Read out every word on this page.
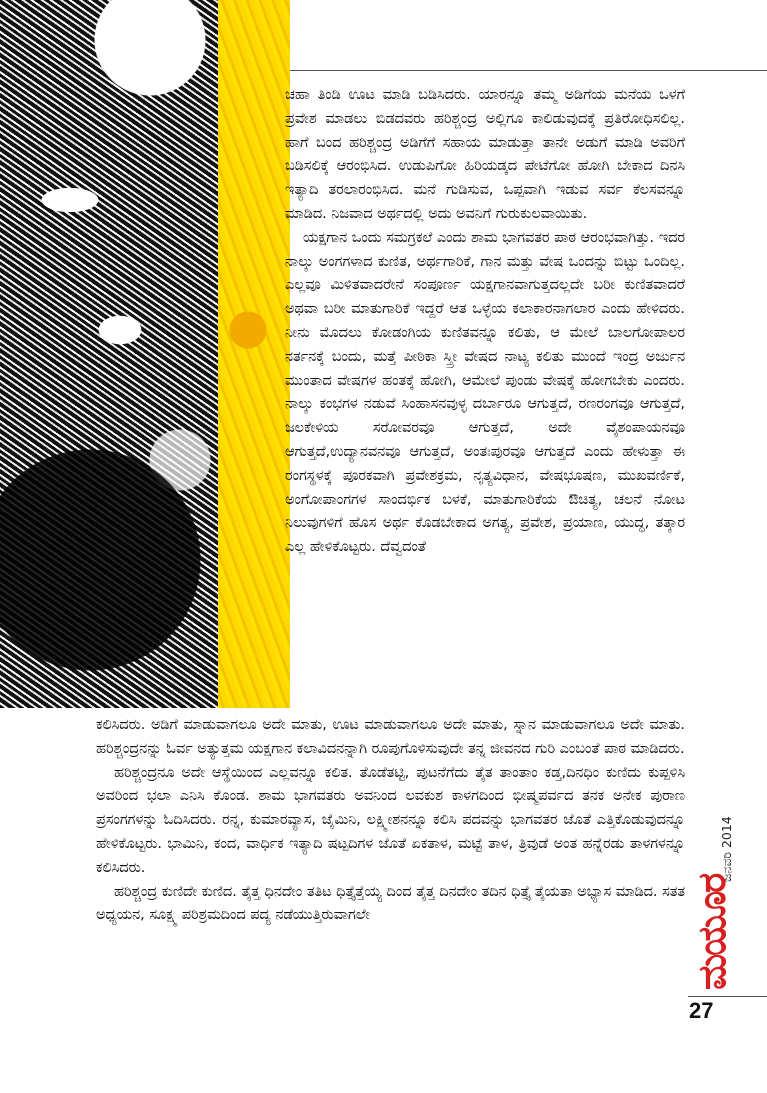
ಚಹಾ ತಿಂಡಿ ಊಟ ಮಾಡಿ ಬಡಿಸಿದರು. ಯಾರನ್ನೂ ತಮ್ಮ ಅಡಿಗೆಯ ಮನೆಯ ಒಳಗೆ ಪ್ರವೇಶ ಮಾಡಲು ಬಿಡದವರು ಹರಿಶ್ಚಂದ್ರ ಅಲ್ಲಿಗೂ ಕಾಲಿಡುವುದಕ್ಕೆ ಪ್ರತಿರೋಧಿಸಲಿಲ್ಲ. ಹಾಗೆ ಬಂದ ಹರಿಶ್ಚಂದ್ರ ಅಡಿಗೆಗೆ ಸಹಾಯ ಮಾಡುತ್ತಾ ತಾನೇ ಅಡುಗೆ ಮಾಡಿ ಅವರಿಗೆ ಬಡಿಸಲಿಕ್ಕೆ ಆರಂಭಿಸಿದ. ಉಡುಪಿಗೋ ಹಿರಿಯಡ್ಕದ ಪೇಟೆಗೋ ಹೋಗಿ ಬೇಕಾದ ದಿನಸಿ ಇತ್ಯಾದಿ ತರಲಾರಂಭಿಸಿದ. ಮನೆ ಗುಡಿಸುವ, ಒಪ್ಪವಾಗಿ ಇಡುವ ಸರ್ವ ಕೆಲಸವನ್ನೂ ಮಾಡಿದ. ನಿಜವಾದ ಅರ್ಥದಲ್ಲಿ ಅದು ಅವನಿಗೆ ಗುರುಕುಲವಾಯಿತು.

ಯಕ್ಷಗಾನ ಒಂದು ಸಮಗ್ರಕಲೆ ಎಂದು ಶಾಮ ಭಾಗವತರ ಪಾಠ ಆರಂಭವಾಗಿತ್ತು. ಇದರ ನಾಲ್ಕು ಅಂಗಗಳಾದ ಕುಣಿತ, ಅರ್ಥಗಾರಿಕೆ, ಗಾನ ಮತ್ತು ವೇಷ ಒಂದನ್ನು ಬಿಟ್ಟು ಒಂದಿಲ್ಲ. ಎಲ್ಲವೂ ಮಿಳಿತವಾದರೇನೆ ಸಂಪೂರ್ಣ ಯಕ್ಷಗಾನವಾಗುತ್ತದಲ್ಲದೇ ಬರೀ ಕುಣಿತವಾದರೆ ಅಥವಾ ಬರೀ ಮಾತುಗಾರಿಕೆ ಇದ್ದರೆ ಆತ ಒಳ್ಳೆಯ ಕಲಾಕಾರನಾಗಲಾರ ಎಂದು ಹೇಳಿದರು. ನೀನು ಮೊದಲು ಕೋಡಂಗಿಯ ಕುಣಿತವನ್ನೂ ಕಲಿತು, ಆ ಮೇಲೆ ಬಾಲಗೋಪಾಲರ ನರ್ತನಕ್ಕೆ ಬಂದು, ಮತ್ತೆ ಪೀಠಿಕಾ ಸ್ತ್ರೀ ವೇಷದ ನಾಟ್ಯ ಕಲಿತು ಮುಂದೆ ಇಂದ್ರ ಅರ್ಜುನ ಮುಂತಾದ ವೇಷಗಳ ಹಂತಕ್ಕೆ ಹೋಗಿ, ಆಮೇಲೆ ಪುಂಡು ವೇಷಕ್ಕೆ ಹೋಗಬೇಕು ಎಂದರು. ನಾಲ್ಕು ಕಂಭಗಳ ನಡುವೆ ಸಿಂಹಾಸನವುಳ್ಳ ದರ್ಬಾರೂ ಆಗುತ್ತದೆ, ರಣರಂಗವೂ ಆಗುತ್ತದೆ, ಜಲಕೇಳಿಯ ಸರೋವರವೂ ಆಗುತ್ತದೆ, ಅದೇ ವೈಶಂಪಾಯನವೂ ಆಗುತ್ತದೆ,ಉದ್ಯಾನವನವೂ ಆಗುತ್ತದೆ, ಅಂತಃಪುರವೂ ಆಗುತ್ತದೆ ಎಂದು ಹೇಳುತ್ತಾ ಈ ರಂಗಸ್ಥಳಕ್ಕೆ ಪೂರಕವಾಗಿ ಪ್ರವೇಶಕ್ರಮ, ನೃತ್ಯವಿಧಾನ, ವೇಷಭೂಷಣ, ಮುಖವರ್ಣಿಕೆ, ಅಂಗೋಪಾಂಗಗಳ ಸಾಂದರ್ಭಿಕ ಬಳಕೆ, ಮಾತುಗಾರಿಕೆಯ ಔಚಿತ್ಯ, ಚಲನೆ ನೋಟ ನಿಲುವುಗಳಿಗೆ ಹೊಸ ಅರ್ಥ ಕೊಡಬೇಕಾದ ಅಗತ್ಯ, ಪ್ರವೇಶ, ಪ್ರಯಾಣ, ಯುದ್ಧ, ತತ್ಕಾರ ಎಲ್ಲ ಹೇಳಿಕೊಟ್ಟರು. ದೆವ್ವದಂತೆ

ಕಲಿಸಿದರು. ಅಡಿಗೆ ಮಾಡುವಾಗಲೂ ಅದೇ ಮಾತು, ಊಟ ಮಾಡುವಾಗಲೂ ಅದೇ ಮಾತು, ಸ್ನಾನ ಮಾಡುವಾಗಲೂ ಅದೇ ಮಾತು. ಹರಿಶ್ಚಂದ್ರನನ್ನು ಓರ್ವ ಅತ್ಯುತ್ತಮ ಯಕ್ಷಗಾನ ಕಲಾವಿದನನ್ನಾಗಿ ರೂಪುಗೊಳಿಸುವುದೇ ತನ್ನ ಜೀವನದ ಗುರಿ ಎಂಬಂತೆ ಪಾಠ ಮಾಡಿದರು.

ಹರಿಶ್ಚಂದ್ರನೂ ಅದೇ ಆಸ್ಥೆಯಿಂದ ಎಲ್ಲವನ್ನೂ ಕಲಿತ. ತೊಡೆತಟ್ಟಿ, ಪುಟನೆಗೆದು ತೈತ ತಾಂತಾಂ ಕಡ್ತ,ದಿನಧಿಂ ಕುಣಿದು ಕುಪ್ಪಳಿಸಿ ಅವರಿಂದ ಭಲಾ ಎನಿಸಿ ಕೊಂಡ. ಶಾಮ ಭಾಗವತರು ಅವನಿಂದ ಲವಕುಶ ಕಾಳಗದಿಂದ ಭೀಷ್ಮಪರ್ವದ ತನಕ ಅನೇಕ ಪುರಾಣ ಪ್ರಸಂಗಗಳನ್ನು ಓದಿಸಿದರು. ರನ್ನ, ಕುಮಾರವ್ಯಾಸ, ಜೈಮಿನಿ, ಲಕ್ಷ್ಮೀಶನನ್ನೂ ಕಲಿಸಿ ಪದವನ್ನು ಭಾಗವತರ ಜೊತೆ ಎತ್ತಿಕೊಡುವುದನ್ನೂ ಹೇಳಿಕೊಟ್ಟರು. ಭಾಮಿನಿ, ಕಂದ, ವಾರ್ಧಿಕ ಇತ್ಯಾದಿ ಷಟ್ಪದಿಗಳ ಜೊತೆ ಏಕತಾಳ, ಮಟ್ಟೆ ತಾಳ, ತ್ರಿವುಡೆ ಅಂತ ಹನ್ನೆರಡು ತಾಳಗಳನ್ನೂ ಕಲಿಸಿದರು.

ಹರಿಶ್ಚಂದ್ರ ಕುಣಿದೇ ಕುಣಿದ. ತೈತ್ತ ಧಿನದೇಂ ತತಿಟ ಧಿತ್ತೈತ್ತೆಯ್ಯ ದಿಂದ ತೈತ್ತ ದಿನದೇಂ ತದಿನ ಧಿತ್ತೈ ತೈಯತಾ ಅಭ್ಯಾಸ ಮಾಡಿದ. ಸತತ ಅಧ್ಯಯನ, ಸೂಕ್ಷ್ಮ ಪರಿಶ್ರಮದಿಂದ ಪದ್ಯ ನಡೆಯುತ್ತಿರುವಾಗಲೇ

ಜನವರಿ 2014
ಮಯೂರ
27
